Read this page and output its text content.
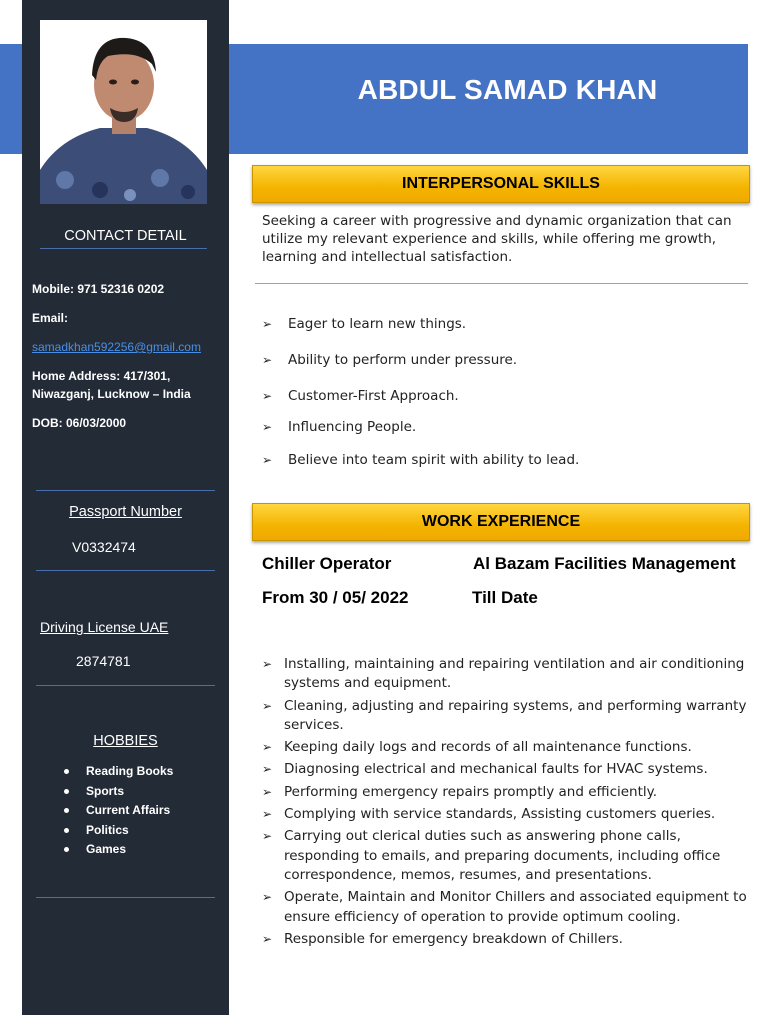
ABDUL SAMAD KHAN
CONTACT DETAIL
Mobile: 971 52316 0202
Email:
samadkhan592256@gmail.com
Home Address: 417/301,
Niwazganj, Lucknow – India
DOB: 06/03/2000
Passport Number
V0332474
Driving License UAE
2874781
HOBBIES
Reading Books
Sports
Current Affairs
Politics
Games
INTERPERSONAL SKILLS
Seeking a career with progressive and dynamic organization that can utilize my relevant experience and skills, while offering me growth, learning and intellectual satisfaction.
➢ Eager to learn new things.
➢ Ability to perform under pressure.
➢ Customer-First Approach.
➢ Influencing People.
➢ Believe into team spirit with ability to lead.
WORK EXPERIENCE
Chiller Operator	Al Bazam Facilities Management
From 30 / 05/ 2022	Till Date
➢ Installing, maintaining and repairing ventilation and air conditioning systems and equipment.
➢ Cleaning, adjusting and repairing systems, and performing warranty services.
➢ Keeping daily logs and records of all maintenance functions.
➢ Diagnosing electrical and mechanical faults for HVAC systems.
➢ Performing emergency repairs promptly and efficiently.
➢ Complying with service standards, Assisting customers queries.
➢ Carrying out clerical duties such as answering phone calls, responding to emails, and preparing documents, including office correspondence, memos, resumes, and presentations.
➢ Operate, Maintain and Monitor Chillers and associated equipment to ensure efficiency of operation to provide optimum cooling.
➢ Responsible for emergency breakdown of Chillers.
